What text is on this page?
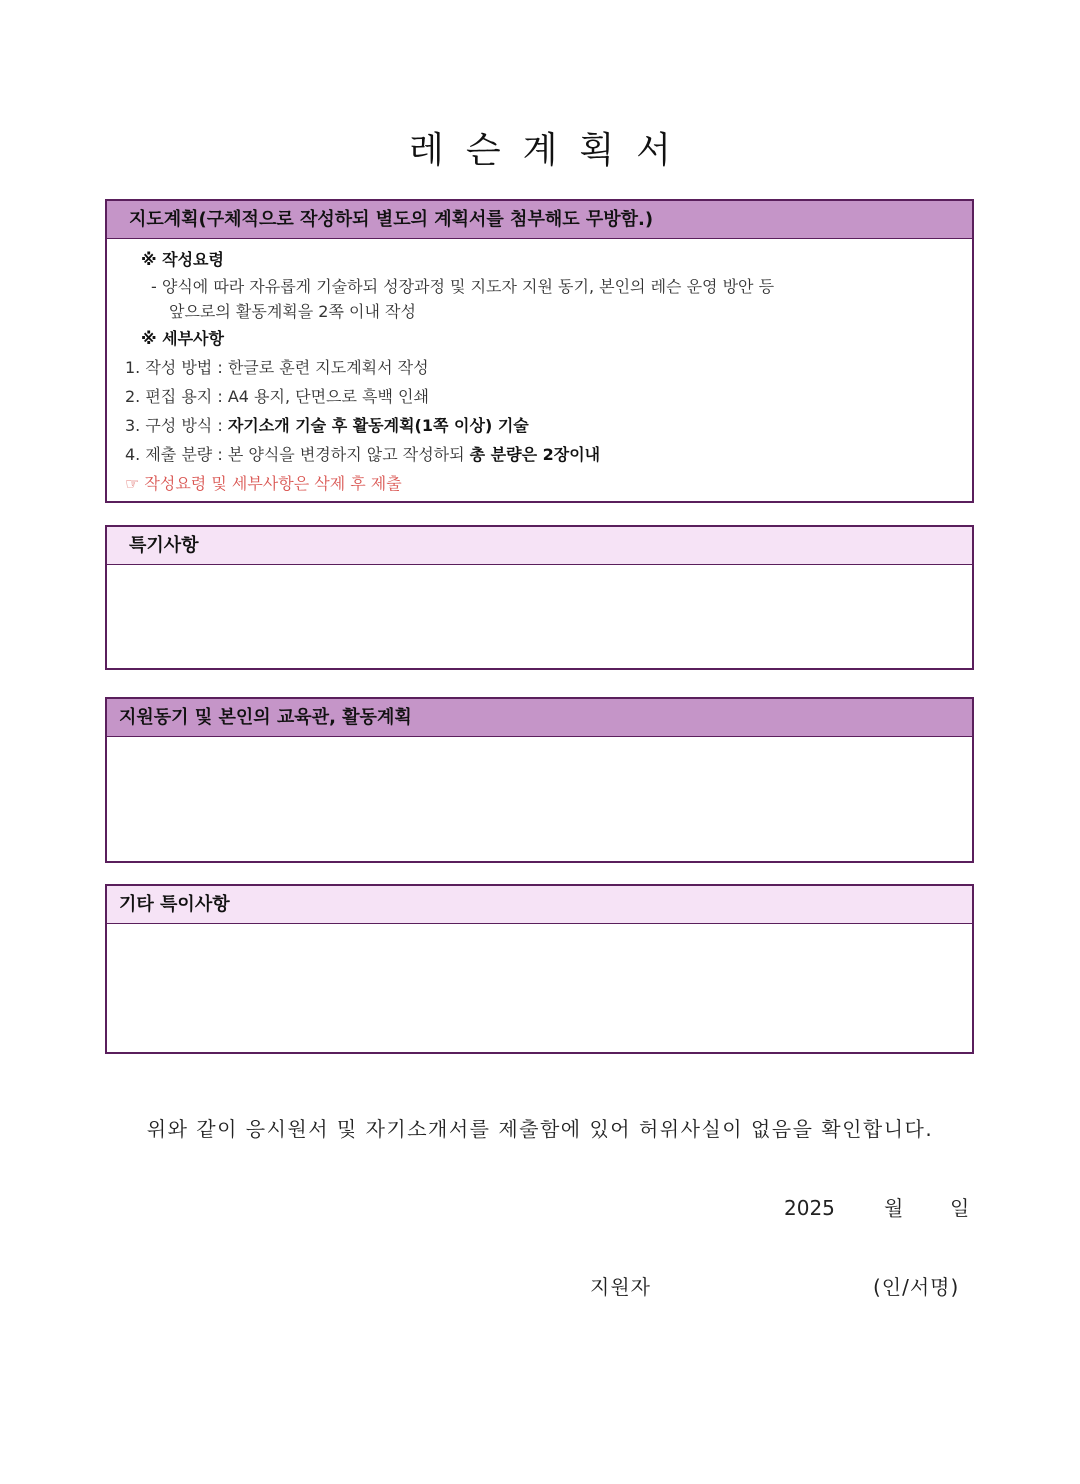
레슨계획서
지도계획(구체적으로 작성하되 별도의 계획서를 첨부해도 무방함.)
※ 작성요령
- 양식에 따라 자유롭게 기술하되 성장과정 및 지도자 지원 동기, 본인의 레슨 운영 방안 등
앞으로의 활동계획을 2쪽 이내 작성
※ 세부사항
1. 작성 방법 : 한글로 훈련 지도계획서 작성
2. 편집 용지 : A4 용지, 단면으로 흑백 인쇄
3. 구성 방식 : 자기소개 기술 후 활동계획(1쪽 이상) 기술
4. 제출 분량 : 본 양식을 변경하지 않고 작성하되 총 분량은 2장이내
☞ 작성요령 및 세부사항은 삭제 후 제출
특기사항
지원동기 및 본인의 교육관, 활동계획
기타 특이사항
위와 같이 응시원서 및 자기소개서를 제출함에 있어 허위사실이 없음을 확인합니다.
2025 월 일
지원자	(인/서명)
